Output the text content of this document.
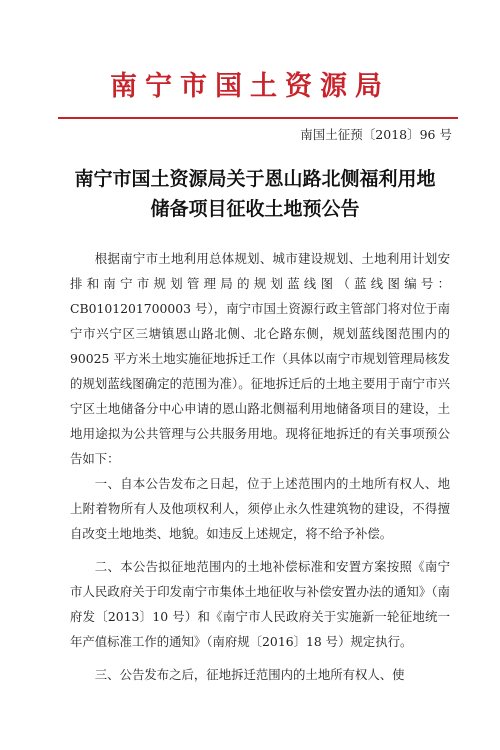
南宁市国土资源局
南国土征预〔2018〕96 号
南宁市国土资源局关于恩山路北侧福利用地
储备项目征收土地预公告

根据南宁市土地利用总体规划、城市建设规划、土地利用计划安排和南宁市规划管理局的规划蓝线图（蓝线图编号：CB0101201700003 号），南宁市国土资源行政主管部门将对位于南宁市兴宁区三塘镇恩山路北侧、北仑路东侧，规划蓝线图范围内的 90025 平方米土地实施征地拆迁工作（具体以南宁市规划管理局核发的规划蓝线图确定的范围为准）。征地拆迁后的土地主要用于南宁市兴宁区土地储备分中心申请的恩山路北侧福利用地储备项目的建设，土地用途拟为公共管理与公共服务用地。现将征地拆迁的有关事项预公告如下：

一、自本公告发布之日起，位于上述范围内的土地所有权人、地上附着物所有人及他项权利人，须停止永久性建筑物的建设，不得擅自改变土地地类、地貌。如违反上述规定，将不给予补偿。

二、本公告拟征地范围内的土地补偿标准和安置方案按照《南宁市人民政府关于印发南宁市集体土地征收与补偿安置办法的通知》（南府发〔2013〕10 号）和《南宁市人民政府关于实施新一轮征地统一年产值标准工作的通知》（南府规〔2016〕18 号）规定执行。

三、公告发布之后，征地拆迁范围内的土地所有权人、使
